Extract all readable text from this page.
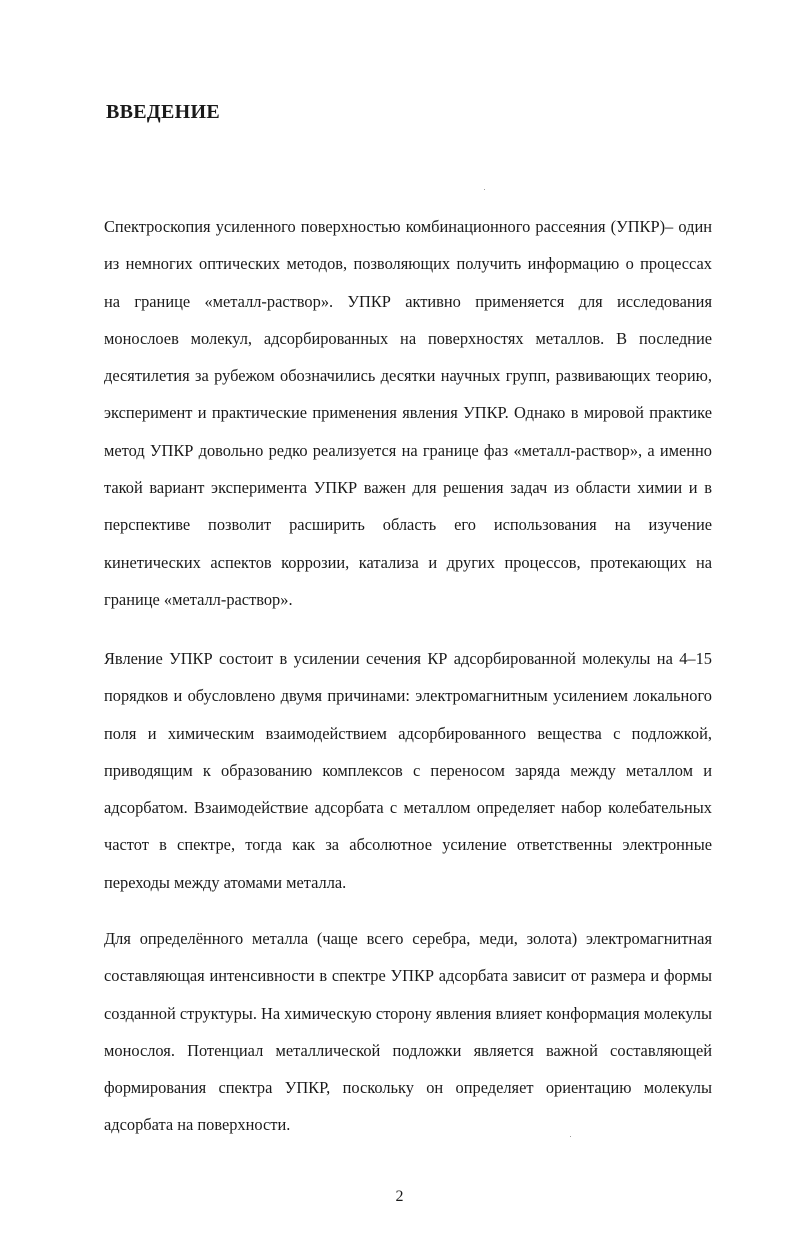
ВВЕДЕНИЕ

Спектроскопия усиленного поверхностью комбинационного рассеяния (УПКР)– один из немногих оптических методов, позволяющих получить информацию о процессах на границе «металл-раствор». УПКР активно применяется для исследования монослоев молекул, адсорбированных на поверхностях металлов. В последние десятилетия за рубежом обозначились десятки научных групп, развивающих теорию, эксперимент и практические применения явления УПКР. Однако в мировой практике метод УПКР довольно редко реализуется на границе фаз «металл-раствор», а именно такой вариант эксперимента УПКР важен для решения задач из области химии и в перспективе позволит расширить область его использования на изучение кинетических аспектов коррозии, катализа и других процессов, протекающих на границе «металл-раствор».

Явление УПКР состоит в усилении сечения КР адсорбированной молекулы на 4–15 порядков и обусловлено двумя причинами: электромагнитным усилением локального поля и химическим взаимодействием адсорбированного вещества с подложкой, приводящим к образованию комплексов с переносом заряда между металлом и адсорбатом. Взаимодействие адсорбата с металлом определяет набор колебательных частот в спектре, тогда как за абсолютное усиление ответственны электронные переходы между атомами металла.

Для определённого металла (чаще всего серебра, меди, золота) электромагнитная составляющая интенсивности в спектре УПКР адсорбата зависит от размера и формы созданной структуры. На химическую сторону явления влияет конформация молекулы монослоя. Потенциал металлической подложки является важной составляющей формирования спектра УПКР, поскольку он определяет ориентацию молекулы адсорбата на поверхности.

2
